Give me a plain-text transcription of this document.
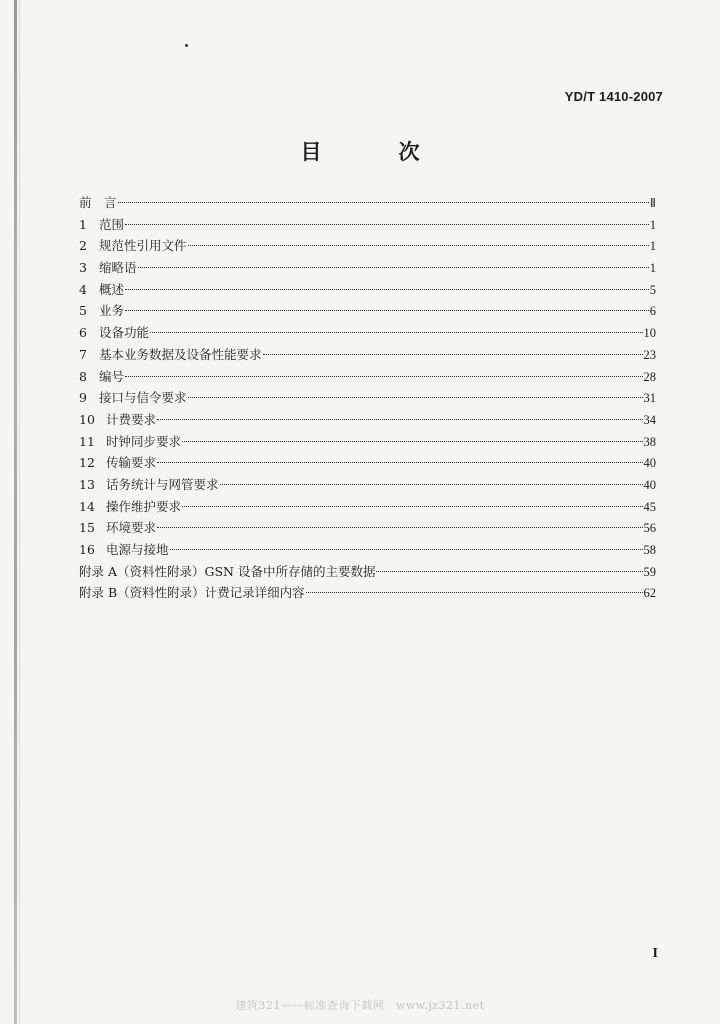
YD/T 1410-2007
目　次
前　言	Ⅱ
1 范围	1
2 规范性引用文件	1
3 缩略语	1
4 概述	5
5 业务	6
6 设备功能	10
7 基本业务数据及设备性能要求	23
8 编号	28
9 接口与信令要求	31
10 计费要求	34
11 时钟同步要求	38
12 传输要求	40
13 话务统计与网管要求	40
14 操作维护要求	45
15 环境要求	56
16 电源与接地	58
附录 A（资料性附录）GSN 设备中所存储的主要数据	59
附录 B（资料性附录）计费记录详细内容	62
I
建筑321——标准查询下载网　www.jz321.net
